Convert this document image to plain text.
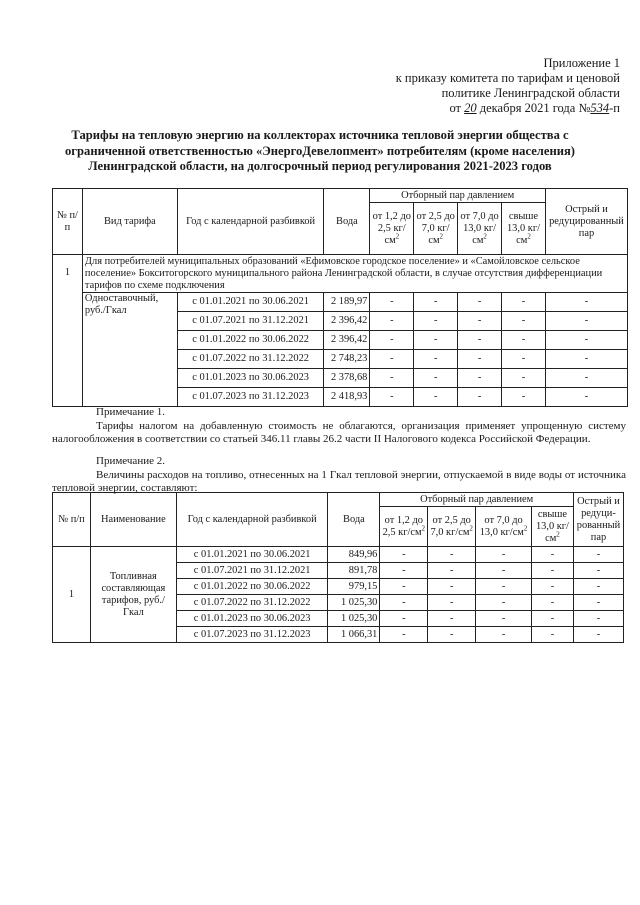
Приложение 1
к приказу комитета по тарифам и ценовой
политике Ленинградской области
от 20 декабря 2021 года №534-п
Тарифы на тепловую энергию на коллекторах источника тепловой энергии общества с ограниченной ответственностью «ЭнергоДевелопмент» потребителям (кроме населения) Ленинградской области, на долгосрочный период регулирования 2021-2023 годов
№ п/п	Вид тарифа	Год с календарной разбивкой	Вода	Отборный пар давлением				Острый и редуцированный пар
				от 1,2 до 2,5 $кг/см^2$	от 2,5 до 7,0 $кг/см^2$	от 7,0 до 13,0 $кг/см^2$	свыше 13,0 $кг/см^2$
1	Для потребителей муниципальных образований «Ефимовское городское поселение» и «Самойловское сельское поселение» Бокситогорского муниципального района Ленинградской области, в случае отсутствия дифференциации тарифов по схеме подключения							
	Одноставочный, руб./Гкал	с 01.01.2021 по 30.06.2021	2 189,97	-	-	-	-	-
		с 01.07.2021 по 31.12.2021	2 396,42	-	-	-	-	-
		с 01.01.2022 по 30.06.2022	2 396,42	-	-	-	-	-
		с 01.07.2022 по 31.12.2022	2 748,23	-	-	-	-	-
		с 01.01.2023 по 30.06.2023	2 378,68	-	-	-	-	-
		с 01.07.2023 по 31.12.2023	2 418,93	-	-	-	-	-
Примечание 1.
Тарифы налогом на добавленную стоимость не облагаются, организация применяет упрощенную систему налогообложения в соответствии со статьей 346.11 главы 26.2 части II Налогового кодекса Российской Федерации.
Примечание 2.
Величины расходов на топливо, отнесенных на 1 Гкал тепловой энергии, отпускаемой в виде воды от источника тепловой энергии, составляют:
№ п/п	Наименование	Год с календарной разбивкой	Вода	Отборный пар давлением				Острый и редуци-рованный пар
				от 1,2 до 2,5 $кг/см^2$	от 2,5 до 7,0 $кг/см^2$	от 7,0 до 13,0 $кг/см^2$	свыше 13,0 $кг/см^2$
1	Топливная составляющая тарифов, руб./Гкал	с 01.01.2021 по 30.06.2021	849,96	-	-	-	-	-
		с 01.07.2021 по 31.12.2021	891,78	-	-	-	-	-
		с 01.01.2022 по 30.06.2022	979,15	-	-	-	-	-
		с 01.07.2022 по 31.12.2022	1 025,30	-	-	-	-	-
		с 01.01.2023 по 30.06.2023	1 025,30	-	-	-	-	-
		с 01.07.2023 по 31.12.2023	1 066,31	-	-	-	-	-
